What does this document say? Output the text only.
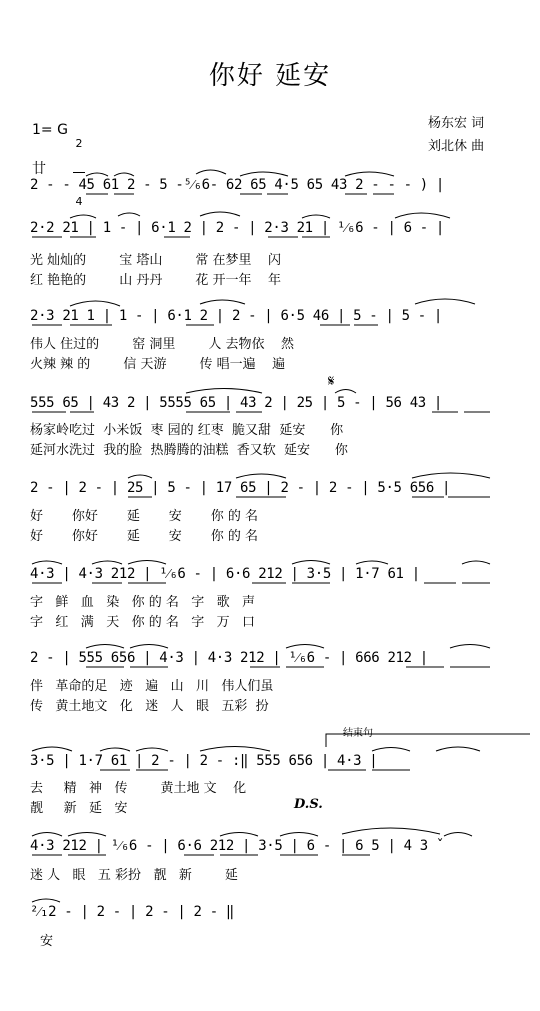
你好 延安
杨东宏 词
刘北休 曲
1= G

2

4

廿
2 - - 45 61 2 - 5 -⁵⁄₆6- 62 65 4·5 65 43 2 - - - ) |
2·2 21 | 1 - | 6·1 2 | 2 - | 2·3 21 | ¹⁄₆6 - | 6 - |
光 灿灿的        宝 塔山        常 在梦里    闪
红 艳艳的        山 丹丹        花 开一年    年
2·3 21 1 | 1 - | 6·1 2 | 2 - | 6·5 46 | 5 - | 5 - |
伟人 住过的        窑 洞里        人 去物依    然
火辣 辣 的        信 天游        传 唱一遍    遍
𝄋
555 65 | 43 2 | 5555 65 | 43 2 | 25 | 5 - | 56 43 |
杨家岭吃过  小米饭  枣 园的 红枣  脆又甜  延安      你
延河水洗过  我的脸  热腾腾的油糕  香又软  延安      你
2 - | 2 - | 25 | 5 - | 17 65 | 2 - | 2 - | 5·5 656 |
好       你好       延       安       你 的 名
好       你好       延       安       你 的 名
4·3 | 4·3 212 | ¹⁄₆6 - | 6·6 212 | 3·5 | 1·7 61 |
字   鲜   血   染   你 的 名   字   歌   声
字   红   满   天   你 的 名   字   万   口
2 - | 555 656 | 4·3 | 4·3 212 | ¹⁄₆6 - | 666 212 |
伴   革命的足   迹   遍   山   川   伟人们虽
传   黄土地文   化   迷   人   眼   五彩  扮
结束句
3·5 | 1·7 61 | 2 - | 2 - :‖ 555 656 | 4·3 |
去     精   神   传        黄土地 文    化
靓     新   延   安	D.S.
4·3 212 | ¹⁄₆6 - | 6·6 212 | 3·5 | 6 - | 6 5 | 4 3 ˇ
迷 人   眼   五 彩扮   靓   新        延
²⁄₁2 - | 2 - | 2 - | 2 - ‖
安
